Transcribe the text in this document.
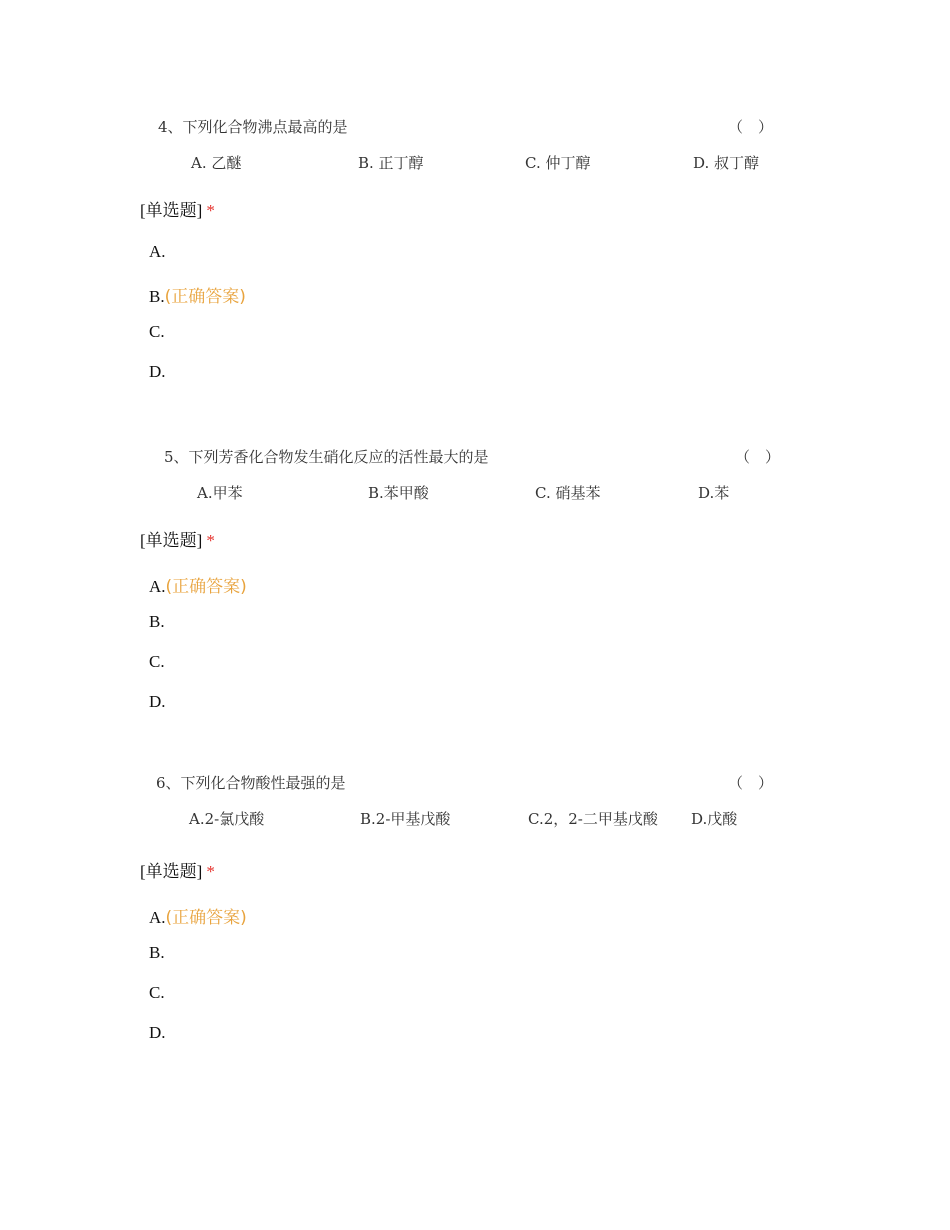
4、下列化合物沸点最高的是	（　）
A. 乙醚	B. 正丁醇	C. 仲丁醇	D. 叔丁醇
[单选题] *
A.
B.(正确答案)
C.
D.
5、下列芳香化合物发生硝化反应的活性最大的是	（　）
A.甲苯	B.苯甲酸	C. 硝基苯	D.苯
[单选题] *
A.(正确答案)
B.
C.
D.
6、下列化合物酸性最强的是	（　）
A.2-氯戊酸	B.2-甲基戊酸	C.2，2-二甲基戊酸 D.戊酸
[单选题] *
A.(正确答案)
B.
C.
D.
